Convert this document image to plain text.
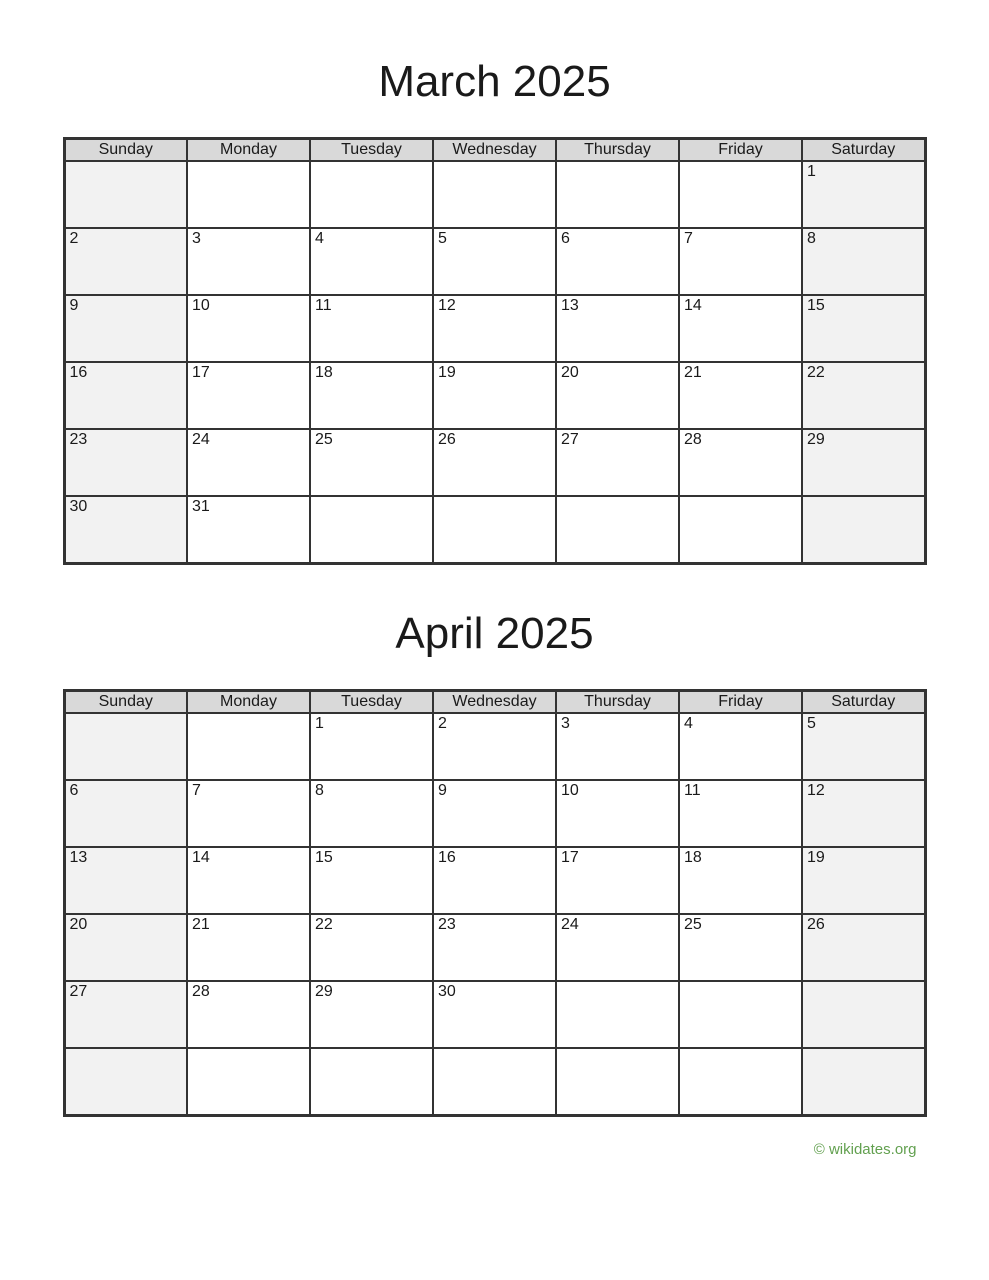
March 2025
Sunday	Monday	Tuesday	Wednesday	Thursday	Friday	Saturday
						1
2	3	4	5	6	7	8
9	10	11	12	13	14	15
16	17	18	19	20	21	22
23	24	25	26	27	28	29
30	31					
April 2025
Sunday	Monday	Tuesday	Wednesday	Thursday	Friday	Saturday
		1	2	3	4	5
6	7	8	9	10	11	12
13	14	15	16	17	18	19
20	21	22	23	24	25	26
27	28	29	30			

© wikidates.org
